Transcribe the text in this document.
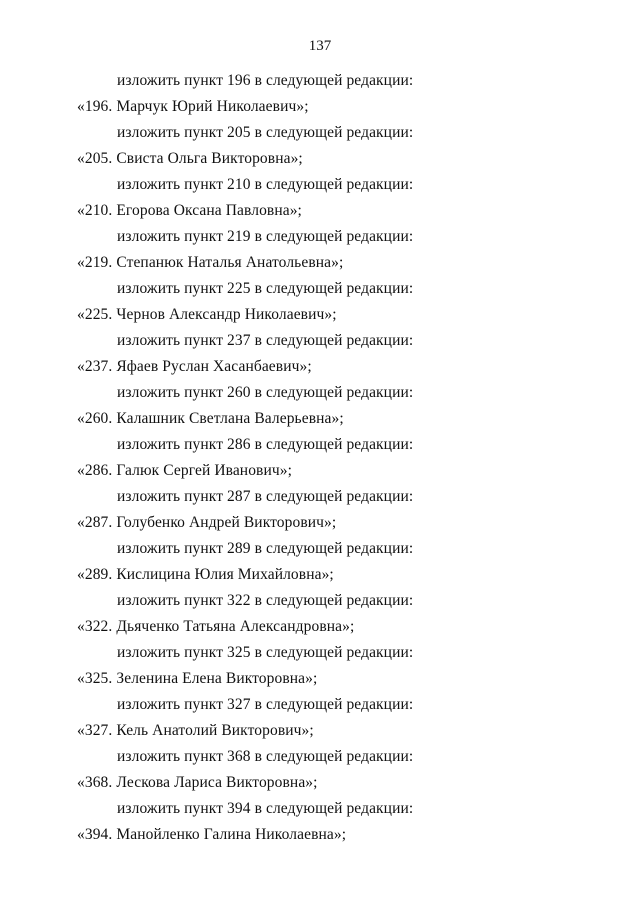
137
изложить пункт 196 в следующей редакции:
«196. Марчук Юрий Николаевич»;
изложить пункт 205 в следующей редакции:
«205. Свиста Ольга Викторовна»;
изложить пункт 210 в следующей редакции:
«210. Егорова Оксана Павловна»;
изложить пункт 219 в следующей редакции:
«219. Степанюк Наталья Анатольевна»;
изложить пункт 225 в следующей редакции:
«225. Чернов Александр Николаевич»;
изложить пункт 237 в следующей редакции:
«237. Яфаев Руслан Хасанбаевич»;
изложить пункт 260 в следующей редакции:
«260. Калашник Светлана Валерьевна»;
изложить пункт 286 в следующей редакции:
«286. Галюк Сергей Иванович»;
изложить пункт 287 в следующей редакции:
«287. Голубенко Андрей Викторович»;
изложить пункт 289 в следующей редакции:
«289. Кислицина Юлия Михайловна»;
изложить пункт 322 в следующей редакции:
«322. Дьяченко Татьяна Александровна»;
изложить пункт 325 в следующей редакции:
«325. Зеленина Елена Викторовна»;
изложить пункт 327 в следующей редакции:
«327. Кель Анатолий Викторович»;
изложить пункт 368 в следующей редакции:
«368. Лескова Лариса Викторовна»;
изложить пункт 394 в следующей редакции:
«394. Манойленко Галина Николаевна»;
